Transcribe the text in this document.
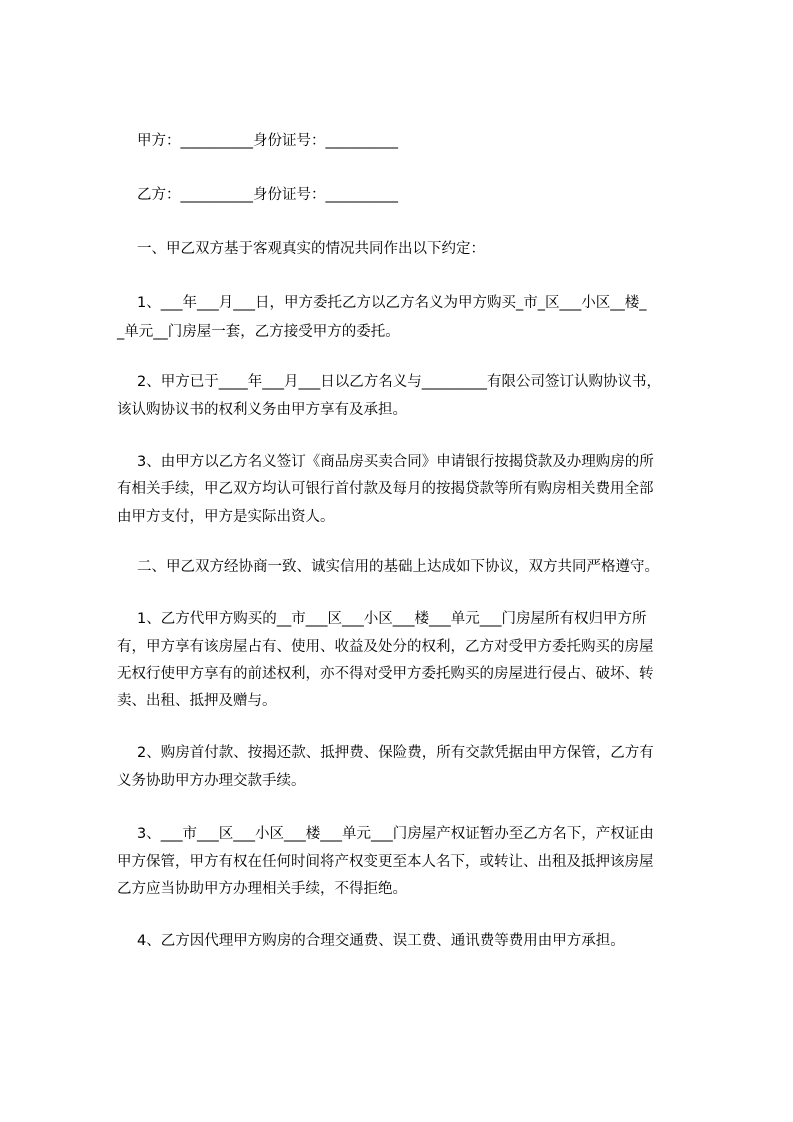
甲方：__________身份证号：__________
乙方：__________身份证号：__________
一、甲乙双方基于客观真实的情况共同作出以下约定：
1、___年___月___日，甲方委托乙方以乙方名义为甲方购买_市_区___小区__楼_
_单元__门房屋一套，乙方接受甲方的委托。
2、甲方已于____年___月___日以乙方名义与_________有限公司签订认购协议书，
该认购协议书的权利义务由甲方享有及承担。
3、由甲方以乙方名义签订《商品房买卖合同》申请银行按揭贷款及办理购房的所
有相关手续，甲乙双方均认可银行首付款及每月的按揭贷款等所有购房相关费用全部
由甲方支付，甲方是实际出资人。
二、甲乙双方经协商一致、诚实信用的基础上达成如下协议，双方共同严格遵守。
1、乙方代甲方购买的__市___区___小区___楼___单元___门房屋所有权归甲方所
有，甲方享有该房屋占有、使用、收益及处分的权利，乙方对受甲方委托购买的房屋
无权行使甲方享有的前述权利，亦不得对受甲方委托购买的房屋进行侵占、破坏、转
卖、出租、抵押及赠与。
2、购房首付款、按揭还款、抵押费、保险费，所有交款凭据由甲方保管，乙方有
义务协助甲方办理交款手续。
3、___市___区___小区___楼___单元___门房屋产权证暂办至乙方名下，产权证由
甲方保管，甲方有权在任何时间将产权变更至本人名下，或转让、出租及抵押该房屋
乙方应当协助甲方办理相关手续，不得拒绝。
4、乙方因代理甲方购房的合理交通费、误工费、通讯费等费用由甲方承担。
